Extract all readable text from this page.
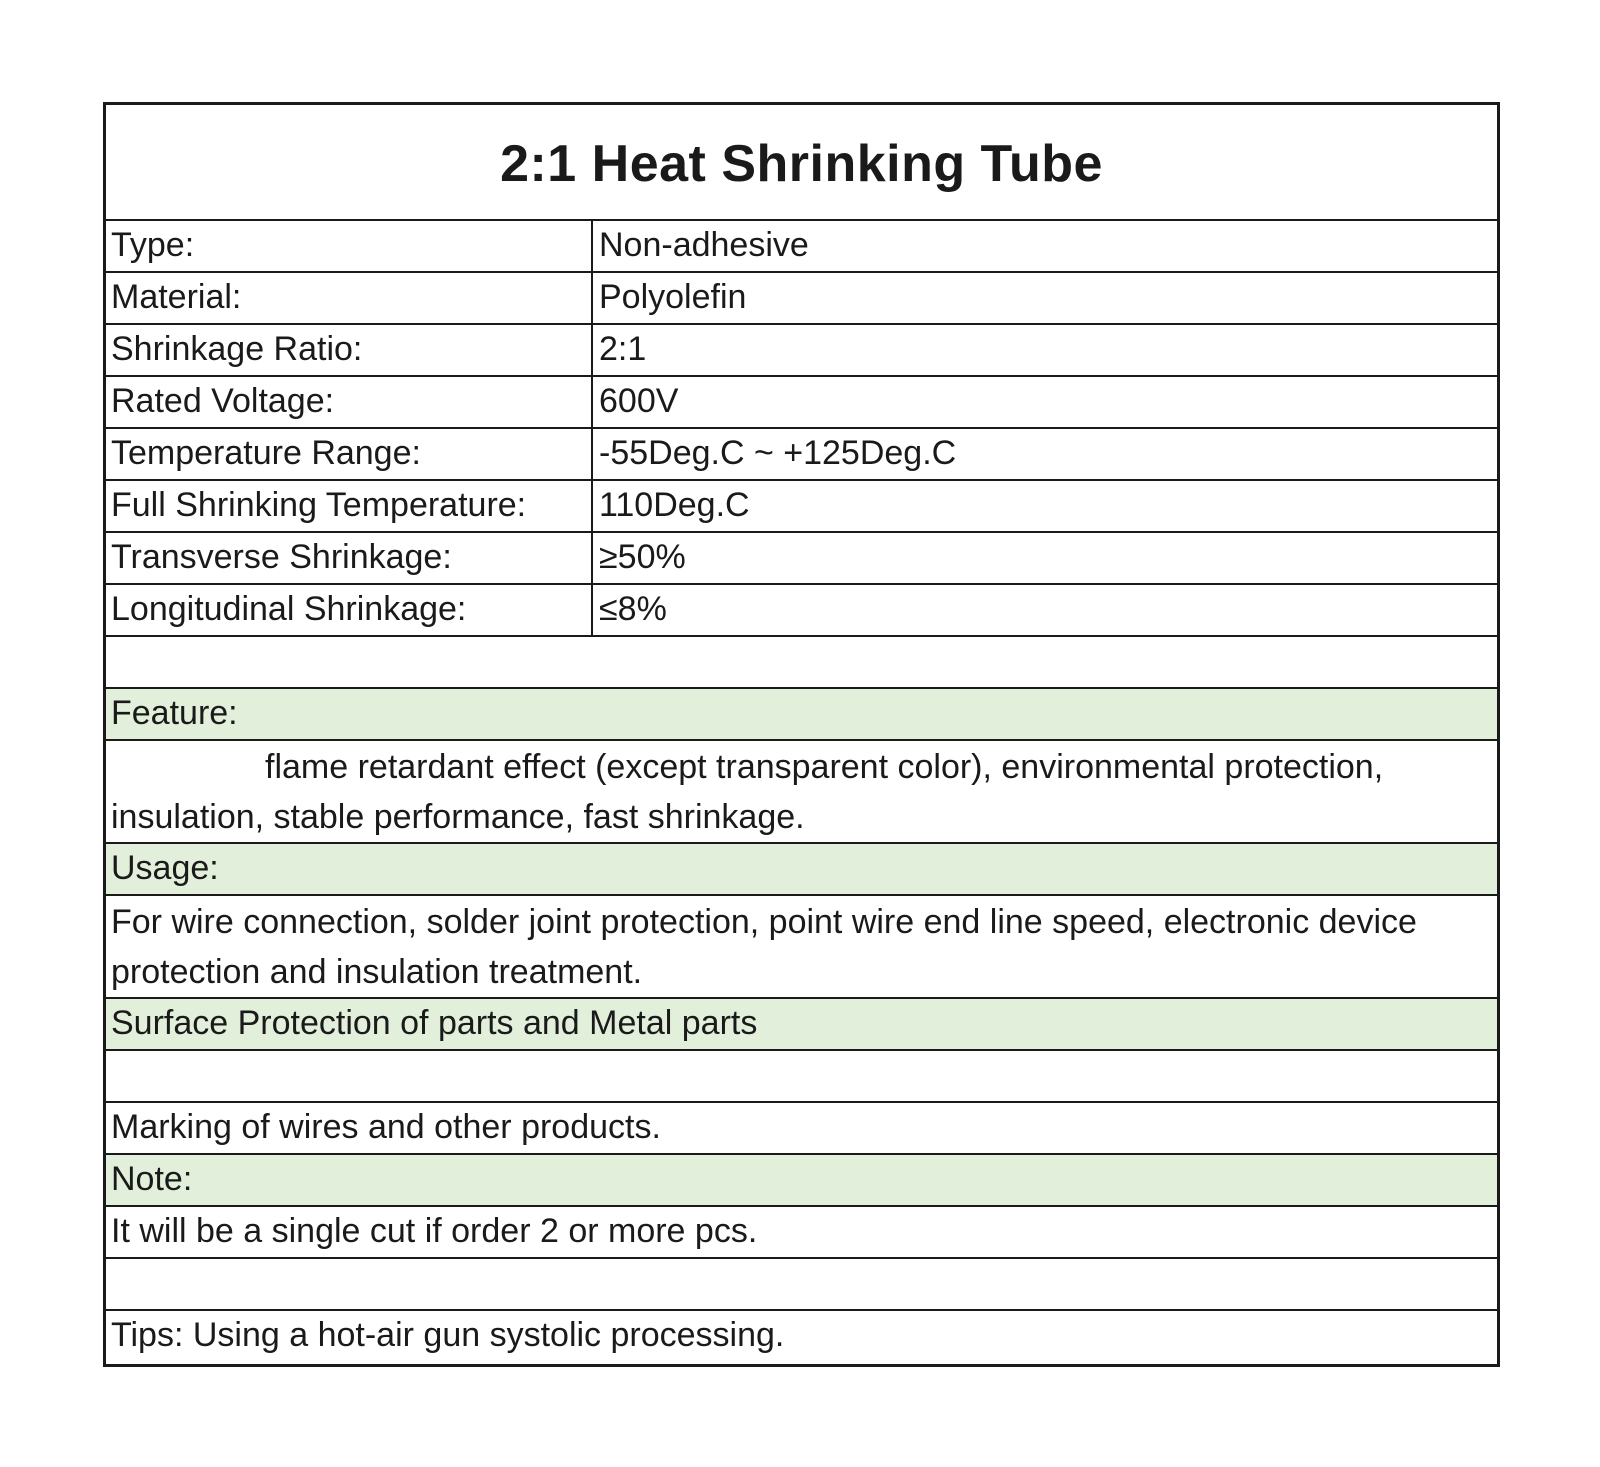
2:1 Heat Shrinking Tube
Type:	Non-adhesive
Material:	Polyolefin
Shrinkage Ratio:	2:1
Rated Voltage:	600V
Temperature Range:	-55Deg.C ~ +125Deg.C
Full Shrinking Temperature:	110Deg.C
Transverse Shrinkage:	≥50%
Longitudinal Shrinkage:	≤8%
Feature:
flame retardant effect (except transparent color), environmental protection, insulation, stable performance, fast shrinkage.
Usage:
For wire connection, solder joint protection, point wire end line speed, electronic device protection and insulation treatment.
Surface Protection of parts and Metal parts
Marking of wires and other products.
Note:
It will be a single cut if order 2 or more pcs.
Tips: Using a hot-air gun systolic processing.
